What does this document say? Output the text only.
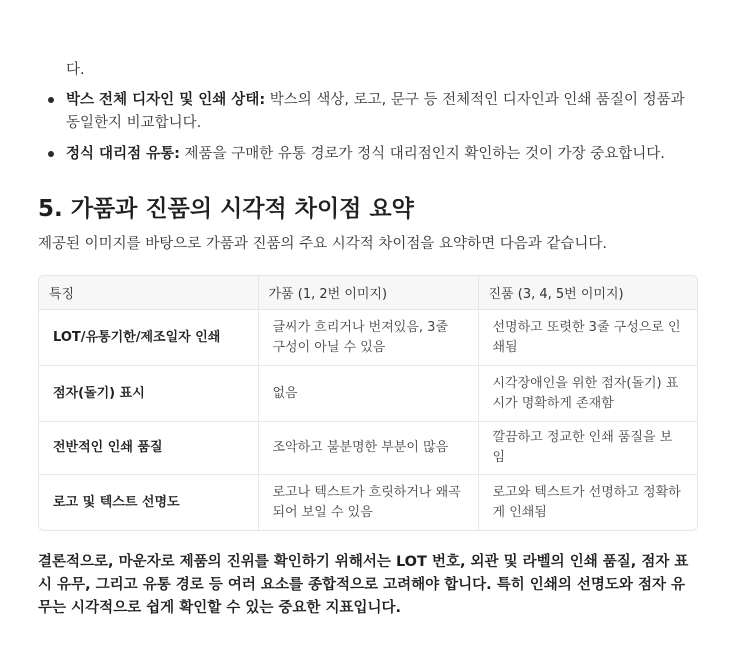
다.
박스 전체 디자인 및 인쇄 상태: 박스의 색상, 로고, 문구 등 전체적인 디자인과 인쇄 품질이 정품과 동일한지 비교합니다.
정식 대리점 유통: 제품을 구매한 유통 경로가 정식 대리점인지 확인하는 것이 가장 중요합니다.
5. 가품과 진품의 시각적 차이점 요약

제공된 이미지를 바탕으로 가품과 진품의 주요 시각적 차이점을 요약하면 다음과 같습니다.

특징	가품 (1, 2번 이미지)	진품 (3, 4, 5번 이미지)
LOT/유통기한/제조일자 인쇄	글씨가 흐리거나 번져있음, 3줄 구성이 아닐 수 있음	선명하고 또렷한 3줄 구성으로 인쇄됨
점자(돌기) 표시	없음	시각장애인을 위한 점자(돌기) 표시가 명확하게 존재함
전반적인 인쇄 품질	조악하고 불분명한 부분이 많음	깔끔하고 정교한 인쇄 품질을 보임
로고 및 텍스트 선명도	로고나 텍스트가 흐릿하거나 왜곡되어 보일 수 있음	로고와 텍스트가 선명하고 정확하게 인쇄됨

결론적으로, 마운자로 제품의 진위를 확인하기 위해서는 LOT 번호, 외관 및 라벨의 인쇄 품질, 점자 표시 유무, 그리고 유통 경로 등 여러 요소를 종합적으로 고려해야 합니다. 특히 인쇄의 선명도와 점자 유무는 시각적으로 쉽게 확인할 수 있는 중요한 지표입니다.
